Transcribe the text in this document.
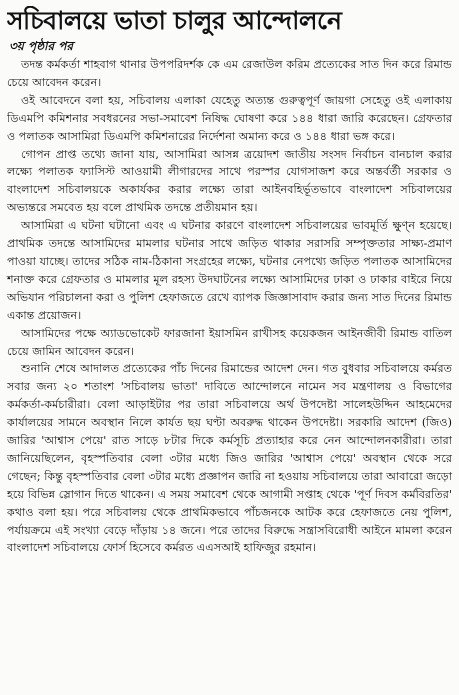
সচিবালয়ে ভাতা চালুর আন্দোলনে
৩য় পৃষ্ঠার পর

তদন্ত কর্মকর্তা শাহবাগ থানার উপপরিদর্শক কে এম রেজাউল করিম প্রত্যেকের সাত দিন করে রিমান্ড চেয়ে আবেদন করেন।

ওই আবেদনে বলা হয়, সচিবালয় এলাকা যেহেতু অত্যন্ত গুরুত্বপূর্ণ জায়গা সেহেতু ওই এলাকায় ডিএমপি কমিশনার সবধরনের সভা-সমাবেশ নিষিদ্ধ ঘোষণা করে ১৪৪ ধারা জারি করেছেন। গ্রেফতার ও পলাতক আসামিরা ডিএমপি কমিশনারের নির্দেশনা অমান্য করে ও ১৪৪ ধারা ভঙ্গ করে।

গোপন প্রাপ্ত তথ্যে জানা যায়, আসামিরা আসন্ন ত্রয়োদশ জাতীয় সংসদ নির্বাচন বানচাল করার লক্ষ্যে পলাতক ফ্যাসিস্ট আওয়ামী লীগারদের সাথে পরস্পর যোগসাজশ করে অন্তর্বর্তী সরকার ও বাংলাদেশ সচিবালয়কে অকার্যকর করার লক্ষ্যে তারা আইনবহির্ভূতভাবে বাংলাদেশ সচিবালয়ের অভ্যন্তরে সমবেত হয় বলে প্রাথমিক তদন্তে প্রতীয়মান হয়।

আসামিরা এ ঘটনা ঘটানো এবং এ ঘটনার কারণে বাংলাদেশ সচিবালয়ের ভাবমূর্তি ক্ষুণ্ন হয়েছে। প্রাথমিক তদন্তে আসামিদের মামলার ঘটনার সাথে জড়িত থাকার সরাসরি সম্পৃক্ততার সাক্ষ্য-প্রমাণ পাওয়া যাচ্ছে। তাদের সঠিক নাম-ঠিকানা সংগ্রহের লক্ষ্যে, ঘটনার নেপথ্যে জড়িত পলাতক আসামিদের শনাক্ত করে গ্রেফতার ও মামলার মূল রহস্য উদঘাটনের লক্ষ্যে আসামিদের ঢাকা ও ঢাকার বাইরে নিয়ে অভিযান পরিচালনা করা ও পুলিশ হেফাজতে রেখে ব্যাপক জিজ্ঞাসাবাদ করার জন্য সাত দিনের রিমান্ড একান্ত প্রয়োজন।

আসামিদের পক্ষে অ্যাডভোকেট ফারজানা ইয়াসমিন রাখীসহ কয়েকজন আইনজীবী রিমান্ড বাতিল চেয়ে জামিন আবেদন করেন।

শুনানি শেষে আদালত প্রত্যেকের পাঁচ দিনের রিমান্ডের আদেশ দেন। গত বুধবার সচিবালয়ে কর্মরত সবার জন্য ২০ শতাংশ 'সচিবালয় ভাতা' দাবিতে আন্দোলনে নামেন সব মন্ত্রণালয় ও বিভাগের কর্মকর্তা-কর্মচারীরা। বেলা আড়াইটার পর তারা সচিবালয়ে অর্থ উপদেষ্টা সালেহউদ্দিন আহমেদের কার্যালয়ের সামনে অবস্থান নিলে কার্যত ছয় ঘণ্টা অবরুদ্ধ থাকেন উপদেষ্টা। সরকারি আদেশ (জিও) জারির 'আশ্বাস পেয়ে' রাত সাড়ে ৮টার দিকে কর্মসূচি প্রত্যাহার করে নেন আন্দোলনকারীরা। তারা জানিয়েছিলেন, বৃহস্পতিবার বেলা ৩টার মধ্যে জিও জারির 'আশ্বাস পেয়ে' অবস্থান থেকে সরে গেছেন; কিন্তু বৃহস্পতিবার বেলা ৩টার মধ্যে প্রজ্ঞাপন জারি না হওয়ায় সচিবালয়ে তারা আবারো জড়ো হয়ে বিভিন্ন স্লোগান দিতে থাকেন। এ সময় সমাবেশ থেকে আগামী সপ্তাহ থেকে 'পূর্ণ দিবস কর্মবিরতির' কথাও বলা হয়। পরে সচিবালয় থেকে প্রাথমিকভাবে পাঁচজনকে আটক করে হেফাজতে নেয় পুলিশ, পর্যায়ক্রমে এই সংখ্যা বেড়ে দাঁড়ায় ১৪ জনে। পরে তাদের বিরুদ্ধে সন্ত্রাসবিরোধী আইনে মামলা করেন বাংলাদেশ সচিবালয়ে ফোর্স হিসেবে কর্মরত এএসআই হাফিজুর রহমান।
